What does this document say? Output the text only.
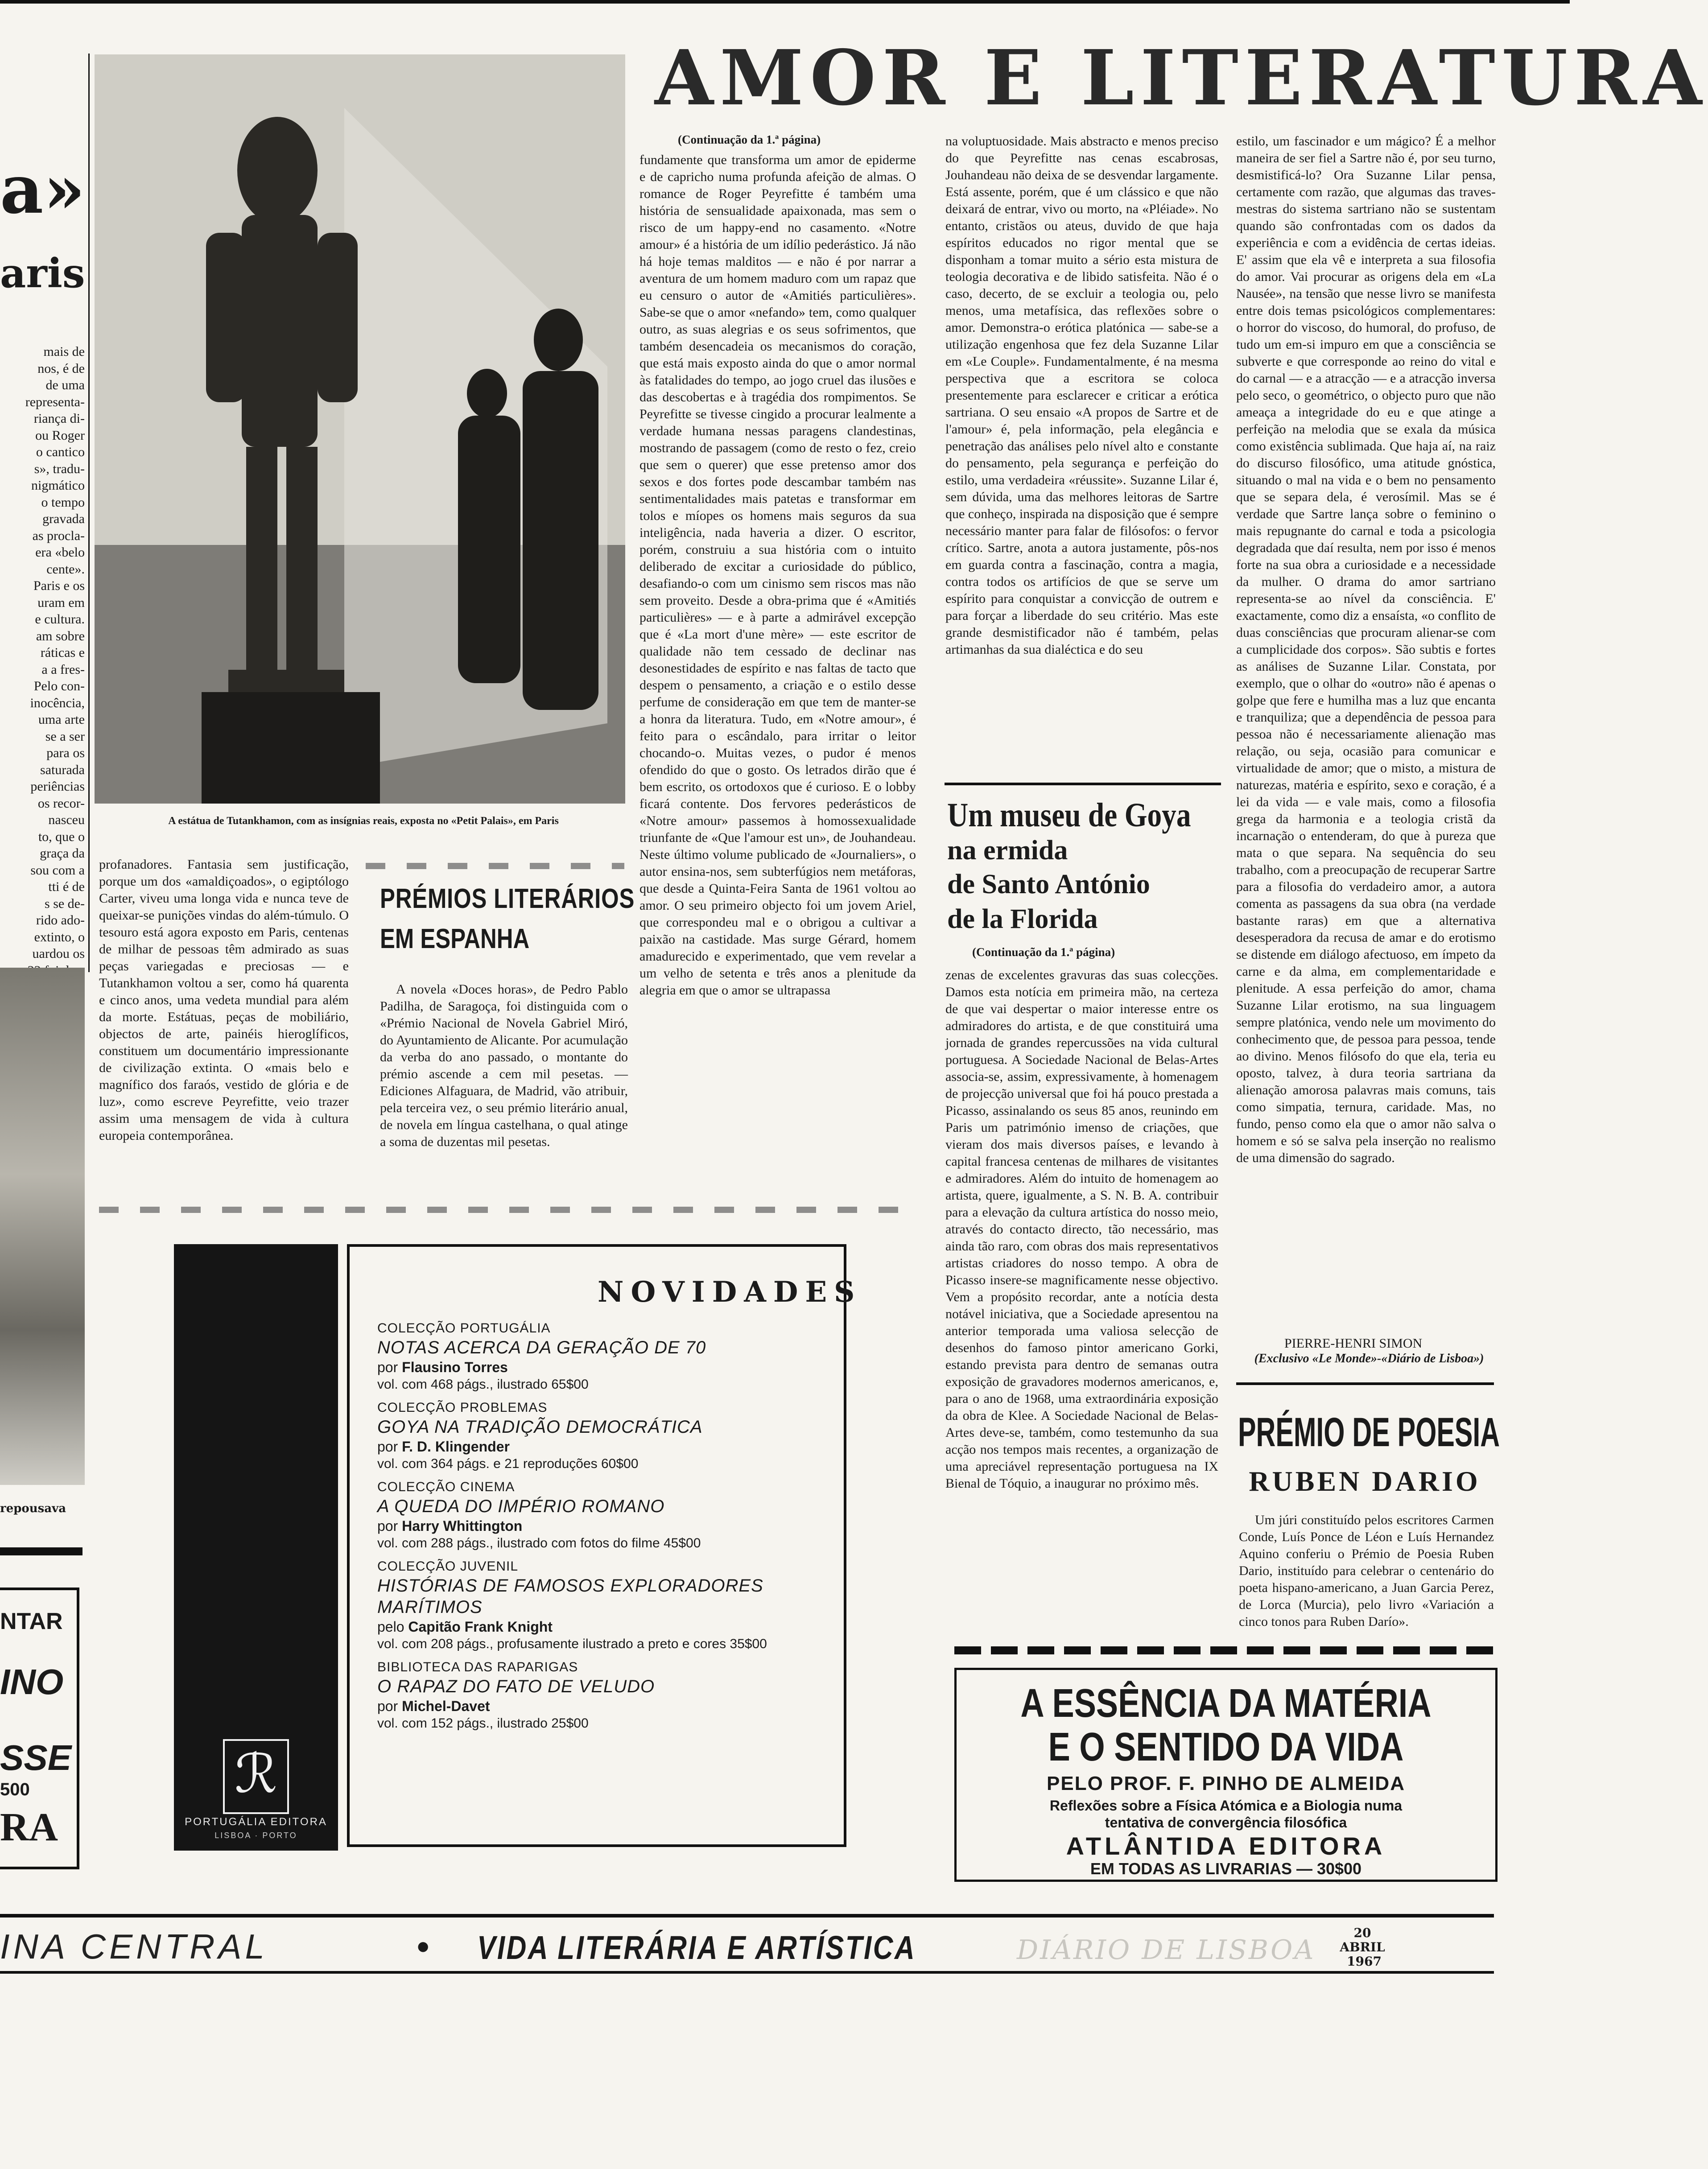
a»
aris
mais de
nos, é de
de uma
representa-
riança di-
ou Roger
o cantico
s», tradu-
nigmático
o tempo
gravada
as procla-
era «belo
cente».
Paris e os
uram em
e cultura.
am sobre
ráticas e
a a fres-
Pelo con-
inocência,
uma arte
se a ser
para os
saturada
periências
os recor-
nasceu
to, que o
graça da
sou com a
tti é de
s se de-
rido ado-
extinto, o
uardou os
repousava
NTAR
INO
SSE
500
RA
A estátua de Tutankhamon, com as insígnias reais, exposta no «Petit Palais», em Paris

profanadores. Fantasia sem justificação, porque um dos «amaldiçoados», o egiptólogo Carter, viveu uma longa vida e nunca teve de queixar-se punições vindas do além-túmulo. O tesouro está agora exposto em Paris, centenas de milhar de pessoas têm admirado as suas peças variegadas e preciosas — e Tutankhamon voltou a ser, como há quarenta e cinco anos, uma vedeta mundial para além da morte. Estátuas, peças de mobiliário, objectos de arte, painéis hieroglíficos, constituem um documentário impressionante de civilização extinta. O «mais belo e magnífico dos faraós, vestido de glória e de luz», como escreve Peyrefitte, veio trazer assim uma mensagem de vida à cultura europeia contemporânea.

PRÉMIOS LITERÁRIOS
EM ESPANHA

A novela «Doces horas», de Pedro Pablo Padilha, de Saragoça, foi distinguida com o «Prémio Nacional de Novela Gabriel Miró, do Ayuntamiento de Alicante. Por acumulação da verba do ano passado, o montante do prémio ascende a cem mil pesetas. — Ediciones Alfaguara, de Madrid, vão atribuir, pela terceira vez, o seu prémio literário anual, de novela em língua castelhana, o qual atinge a soma de duzentas mil pesetas.

AMOR E LITERATURA
(Continuação da 1.ª página)

fundamente que transforma um amor de epiderme e de capricho numa profunda afeição de almas. O romance de Roger Peyrefitte é também uma história de sensualidade apaixonada, mas sem o risco de um happy-end no casamento. «Notre amour» é a história de um idílio pederástico. Já não há hoje temas malditos — e não é por narrar a aventura de um homem maduro com um rapaz que eu censuro o autor de «Amitiés particulières». Sabe-se que o amor «nefando» tem, como qualquer outro, as suas alegrias e os seus sofrimentos, que também desencadeia os mecanismos do coração, que está mais exposto ainda do que o amor normal às fatalidades do tempo, ao jogo cruel das ilusões e das descobertas e à tragédia dos rompimentos. Se Peyrefitte se tivesse cingido a procurar lealmente a verdade humana nessas paragens clandestinas, mostrando de passagem (como de resto o fez, creio que sem o querer) que esse pretenso amor dos sexos e dos fortes pode descambar também nas sentimentalidades mais patetas e transformar em tolos e míopes os homens mais seguros da sua inteligência, nada haveria a dizer. O escritor, porém, construiu a sua história com o intuito deliberado de excitar a curiosidade do público, desafiando-o com um cinismo sem riscos mas não sem proveito. Desde a obra-prima que é «Amitiés particulières» — e à parte a admirável excepção que é «La mort d'une mère» — este escritor de qualidade não tem cessado de declinar nas desonestidades de espírito e nas faltas de tacto que despem o pensamento, a criação e o estilo desse perfume de consideração em que tem de manter-se a honra da literatura. Tudo, em «Notre amour», é feito para o escândalo, para irritar o leitor chocando-o. Muitas vezes, o pudor é menos ofendido do que o gosto. Os letrados dirão que é bem escrito, os ortodoxos que é curioso. E o lobby ficará contente. Dos fervores pederásticos de «Notre amour» passemos à homossexualidade triunfante de «Que l'amour est un», de Jouhandeau. Neste último volume publicado de «Journaliers», o autor ensina-nos, sem subterfúgios nem metáforas, que desde a Quinta-Feira Santa de 1961 voltou ao amor. O seu primeiro objecto foi um jovem Ariel, que correspondeu mal e o obrigou a cultivar a paixão na castidade. Mas surge Gérard, homem amadurecido e experimentado, que vem revelar a um velho de setenta e três anos a plenitude da alegria em que o amor se ultrapassa

na voluptuosidade. Mais abstracto e menos preciso do que Peyrefitte nas cenas escabrosas, Jouhandeau não deixa de se desvendar largamente. Está assente, porém, que é um clássico e que não deixará de entrar, vivo ou morto, na «Pléiade». No entanto, cristãos ou ateus, duvido de que haja espíritos educados no rigor mental que se disponham a tomar muito a sério esta mistura de teologia decorativa e de libido satisfeita. Não é o caso, decerto, de se excluir a teologia ou, pelo menos, uma metafísica, das reflexões sobre o amor. Demonstra-o erótica platónica — sabe-se a utilização engenhosa que fez dela Suzanne Lilar em «Le Couple». Fundamentalmente, é na mesma perspectiva que a escritora se coloca presentemente para esclarecer e criticar a erótica sartriana. O seu ensaio «A propos de Sartre et de l'amour» é, pela informação, pela elegância e penetração das análises pelo nível alto e constante do pensamento, pela segurança e perfeição do estilo, uma verdadeira «réussite». Suzanne Lilar é, sem dúvida, uma das melhores leitoras de Sartre que conheço, inspirada na disposição que é sempre necessário manter para falar de filósofos: o fervor crítico. Sartre, anota a autora justamente, pôs-nos em guarda contra a fascinação, contra a magia, contra todos os artifícios de que se serve um espírito para conquistar a convicção de outrem e para forçar a liberdade do seu critério. Mas este grande desmistificador não é também, pelas artimanhas da sua dialéctica e do seu

Um museu de Goya
na ermida
de Santo António
de la Florida
(Continuação da 1.ª página)

zenas de excelentes gravuras das suas colecções. Damos esta notícia em primeira mão, na certeza de que vai despertar o maior interesse entre os admiradores do artista, e de que constituirá uma jornada de grandes repercussões na vida cultural portuguesa. A Sociedade Nacional de Belas-Artes associa-se, assim, expressivamente, à homenagem de projecção universal que foi há pouco prestada a Picasso, assinalando os seus 85 anos, reunindo em Paris um património imenso de criações, que vieram dos mais diversos países, e levando à capital francesa centenas de milhares de visitantes e admiradores. Além do intuito de homenagem ao artista, quere, igualmente, a S. N. B. A. contribuir para a elevação da cultura artística do nosso meio, através do contacto directo, tão necessário, mas ainda tão raro, com obras dos mais representativos artistas criadores do nosso tempo. A obra de Picasso insere-se magnificamente nesse objectivo. Vem a propósito recordar, ante a notícia desta notável iniciativa, que a Sociedade apresentou na anterior temporada uma valiosa selecção de desenhos do famoso pintor americano Gorki, estando prevista para dentro de semanas outra exposição de gravadores modernos americanos, e, para o ano de 1968, uma extraordinária exposição da obra de Klee. A Sociedade Nacional de Belas-Artes deve-se, também, como testemunho da sua acção nos tempos mais recentes, a organização de uma apreciável representação portuguesa na IX Bienal de Tóquio, a inaugurar no próximo mês.

estilo, um fascinador e um mágico? É a melhor maneira de ser fiel a Sartre não é, por seu turno, desmistificá-lo? Ora Suzanne Lilar pensa, certamente com razão, que algumas das traves-mestras do sistema sartriano não se sustentam quando são confrontadas com os dados da experiência e com a evidência de certas ideias. E' assim que ela vê e interpreta a sua filosofia do amor. Vai procurar as origens dela em «La Nausée», na tensão que nesse livro se manifesta entre dois temas psicológicos complementares: o horror do viscoso, do humoral, do profuso, de tudo um em-si impuro em que a consciência se subverte e que corresponde ao reino do vital e do carnal — e a atracção — e a atracção inversa pelo seco, o geométrico, o objecto puro que não ameaça a integridade do eu e que atinge a perfeição na melodia que se exala da música como existência sublimada. Que haja aí, na raiz do discurso filosófico, uma atitude gnóstica, situando o mal na vida e o bem no pensamento que se separa dela, é verosímil. Mas se é verdade que Sartre lança sobre o feminino o mais repugnante do carnal e toda a psicologia degradada que daí resulta, nem por isso é menos forte na sua obra a curiosidade e a necessidade da mulher. O drama do amor sartriano representa-se ao nível da consciência. E' exactamente, como diz a ensaísta, «o conflito de duas consciências que procuram alienar-se com a cumplicidade dos corpos». São subtis e fortes as análises de Suzanne Lilar. Constata, por exemplo, que o olhar do «outro» não é apenas o golpe que fere e humilha mas a luz que encanta e tranquiliza; que a dependência de pessoa para pessoa não é necessariamente alienação mas relação, ou seja, ocasião para comunicar e virtualidade de amor; que o misto, a mistura de naturezas, matéria e espírito, sexo e coração, é a lei da vida — e vale mais, como a filosofia grega da harmonia e a teologia cristã da incarnação o entenderam, do que à pureza que mata o que separa. Na sequência do seu trabalho, com a preocupação de recuperar Sartre para a filosofia do verdadeiro amor, a autora comenta as passagens da sua obra (na verdade bastante raras) em que a alternativa desesperadora da recusa de amar e do erotismo se distende em diálogo afectuoso, em ímpeto da carne e da alma, em complementaridade e plenitude. A essa perfeição do amor, chama Suzanne Lilar erotismo, na sua linguagem sempre platónica, vendo nele um movimento do conhecimento que, de pessoa para pessoa, tende ao divino. Menos filósofo do que ela, teria eu oposto, talvez, à dura teoria sartriana da alienação amorosa palavras mais comuns, tais como simpatia, ternura, caridade. Mas, no fundo, penso como ela que o amor não salva o homem e só se salva pela inserção no realismo de uma dimensão do sagrado.

PIERRE-HENRI SIMON
(Exclusivo «Le Monde»-«Diário de Lisboa»)
PRÉMIO DE POESIA
RUBEN DARIO

Um júri constituído pelos escritores Carmen Conde, Luís Ponce de Léon e Luís Hernandez Aquino conferiu o Prémio de Poesia Ruben Dario, instituído para celebrar o centenário do poeta hispano-americano, a Juan Garcia Perez, de Lorca (Murcia), pelo livro «Variación a cinco tonos para Ruben Darío».

ℛ
PORTUGÁLIA EDITORA
LISBOA · PORTO
NOVIDADES
COLECÇÃO PORTUGÁLIA
NOTAS ACERCA DA GERAÇÃO DE 70
por Flausino Torres
vol. com 468 págs., ilustrado 65$00
COLECÇÃO PROBLEMAS
GOYA NA TRADIÇÃO DEMOCRÁTICA
por F. D. Klingender
vol. com 364 págs. e 21 reproduções 60$00
COLECÇÃO CINEMA
A QUEDA DO IMPÉRIO ROMANO
por Harry Whittington
vol. com 288 págs., ilustrado com fotos do filme 45$00
COLECÇÃO JUVENIL
HISTÓRIAS DE FAMOSOS EXPLORADORES MARÍTIMOS
pelo Capitão Frank Knight
vol. com 208 págs., profusamente ilustrado a preto e cores 35$00
BIBLIOTECA DAS RAPARIGAS
O RAPAZ DO FATO DE VELUDO
por Michel-Davet
vol. com 152 págs., ilustrado 25$00	A ESSÊNCIA DA MATÉRIA
E O SENTIDO DA VIDA
PELO PROF. F. PINHO DE ALMEIDA
Reflexões sobre a Física Atómica e a Biologia numa
tentativa de convergência filosófica
ATLÂNTIDA EDITORA
EM TODAS AS LIVRARIAS — 30$00
INA CENTRAL	• VIDA LITERÁRIA E ARTÍSTICA	DIÁRIO DE LISBOA
20
ABRIL
1967
